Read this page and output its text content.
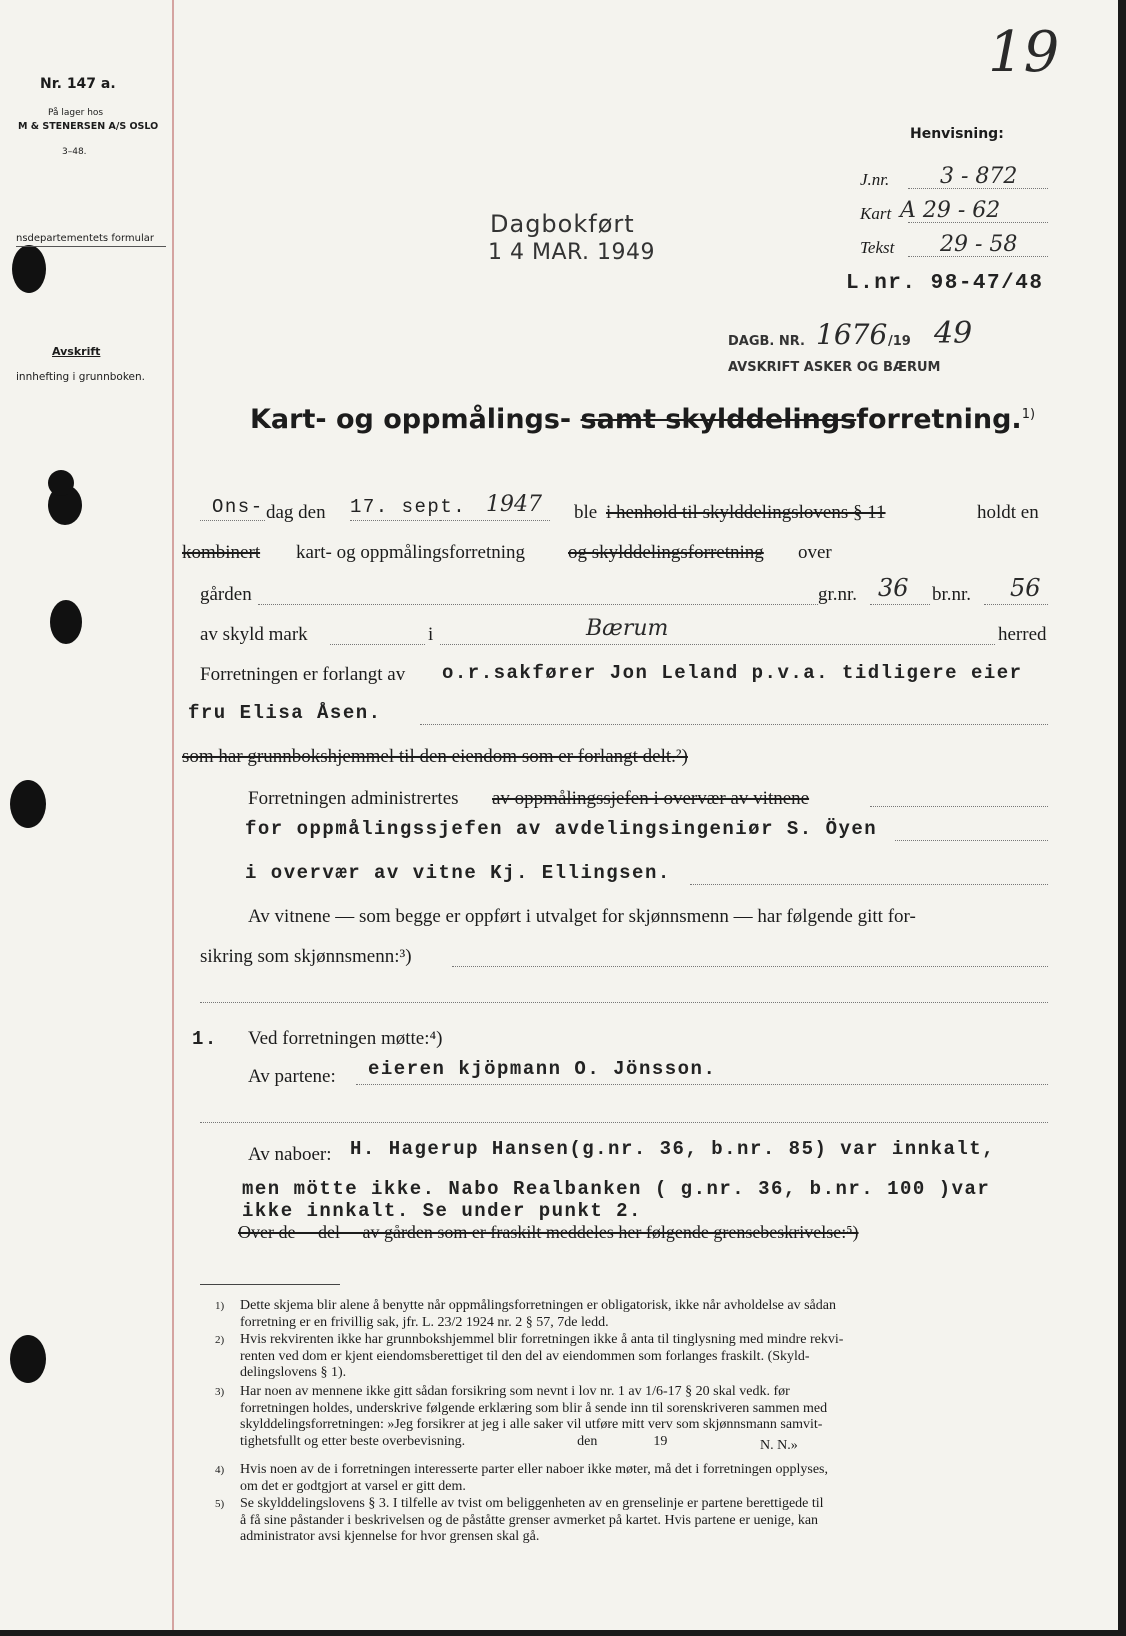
Nr. 147 a.
På lager hos
M & STENERSEN A/S OSLO
3–48.
nsdepartementets formular
Avskrift
innhefting i grunnboken.
19
Dagbokført
1 4 MAR. 1949
Henvisning:
J.nr. 3 - 872
Kart A 29 - 62
Tekst 29 - 58
L.nr. 98-47/48
DAGB. NR. 1676 /19 49
AVSKRIFT ASKER OG BÆRUM
Kart- og oppmålings- samt skylddelingsforretning.$^{1)}$
Ons- dag den 17. sept. 1947 ble i henhold til skylddelingslovens § 11	holdt en
kombinert kart- og oppmålingsforretning og skylddelingsforretning over
gården	gr.nr. 36 br.nr. 56
av skyld mark	i	Bærum	herred
Forretningen er forlangt av o.r.sakfører Jon Leland p.v.a. tidligere eier
fru Elisa Åsen.
som har grunnbokshjemmel til den eiendom som er forlangt delt.²)
Forretningen administrertes av oppmålingssjefen i overvær av vitnene
for oppmålingssjefen av avdelingsingeniør S. Öyen
i overvær av vitne Kj. Ellingsen.
Av vitnene — som begge er oppført i utvalget for skjønnsmenn — har følgende gitt for-
sikring som skjønnsmenn:³)
1. Ved forretningen møtte:⁴)
Av partene: eieren kjöpmann O. Jönsson.
Av naboer: H. Hagerup Hansen(g.nr. 36, b.nr. 85) var innkalt,
men mötte ikke. Nabo Realbanken ( g.nr. 36, b.nr. 100 )var
ikke innkalt. Se under punkt 2.
Over de     del     av gården som er fraskilt meddeles her følgende grensebeskrivelse:⁵)
1) Dette skjema blir alene å benytte når oppmålingsforretningen er obligatorisk, ikke når avholdelse av sådan
forretning er en frivillig sak, jfr. L. 23/2 1924 nr. 2 § 57, 7de ledd.
2) Hvis rekvirenten ikke har grunnbokshjemmel blir forretningen ikke å anta til tinglysning med mindre rekvi-
renten ved dom er kjent eiendomsberettiget til den del av eiendommen som forlanges fraskilt. (Skyld-
delingslovens § 1).
3) Har noen av mennene ikke gitt sådan forsikring som nevnt i lov nr. 1 av 1/6-17 § 20 skal vedk. før
forretningen holdes, underskrive følgende erklæring som blir å sende inn til sorenskriveren sammen med
skylddelingsforretningen: »Jeg forsikrer at jeg i alle saker vil utføre mitt verv som skjønnsmann samvit-
tighetsfullt og etter beste overbevisning.                                den                19	N. N.»
4) Hvis noen av de i forretningen interesserte parter eller naboer ikke møter, må det i forretningen opplyses,
om det er godtgjort at varsel er gitt dem.
5) Se skylddelingslovens § 3. I tilfelle av tvist om beliggenheten av en grenselinje er partene berettigede til
å få sine påstander i beskrivelsen og de påståtte grenser avmerket på kartet. Hvis partene er uenige, kan
administrator avsi kjennelse for hvor grensen skal gå.
